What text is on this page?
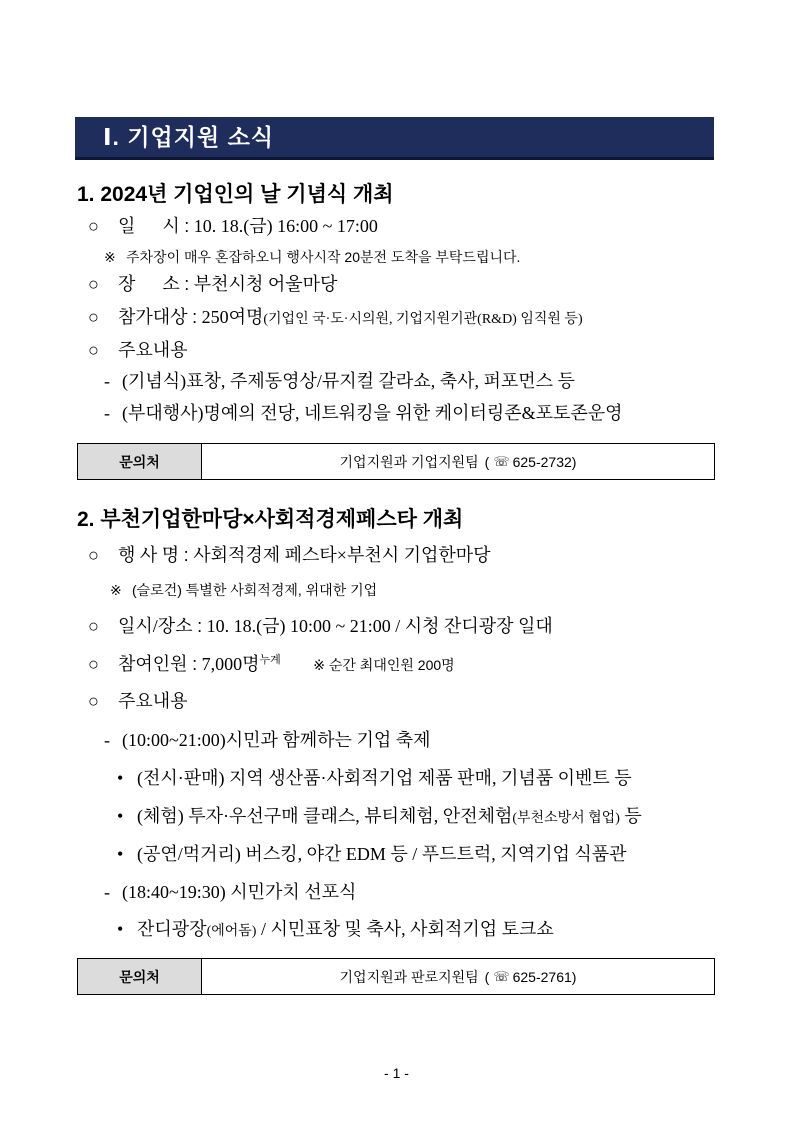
Ⅰ. 기업지원 소식
1. 2024년 기업인의 날 기념식 개최
○ 일      시 : 10. 18.(금) 16:00 ~ 17:00
※ 주차장이 매우 혼잡하오니 행사시작 20분전 도착을 부탁드립니다.
○ 장      소 : 부천시청 어울마당
○ 참가대상 : 250여명(기업인 국·도·시의원, 기업지원기관(R&D) 임직원 등)
○ 주요내용
- (기념식)표창, 주제동영상/뮤지컬 갈라쇼, 축사, 퍼포먼스 등
- (부대행사)명예의 전당, 네트워킹을 위한 케이터링존&포토존운영
문의처	기업지원과 기업지원팀 ( ☏ 625-2732 )
2. 부천기업한마당×사회적경제페스타 개최
○ 행 사 명 : 사회적경제 페스타×부천시 기업한마당
※ (슬로건) 특별한 사회적경제, 위대한 기업
○ 일시/장소 : 10. 18.(금) 10:00 ~ 21:00 / 시청 잔디광장 일대
○ 참여인원 : 7,000명$^{누계}$ ※ 순간 최대인원 200명
○ 주요내용
- (10:00~21:00)시민과 함께하는 기업 축제
• (전시·판매) 지역 생산품·사회적기업 제품 판매, 기념품 이벤트 등
• (체험) 투자·우선구매 클래스, 뷰티체험, 안전체험(부천소방서 협업) 등
• (공연/먹거리) 버스킹, 야간 EDM 등 / 푸드트럭, 지역기업 식품관
- (18:40~19:30) 시민가치 선포식
• 잔디광장(에어돔) / 시민표창 및 축사, 사회적기업 토크쇼
문의처	기업지원과 판로지원팀 ( ☏ 625-2761 )
- 1 -
